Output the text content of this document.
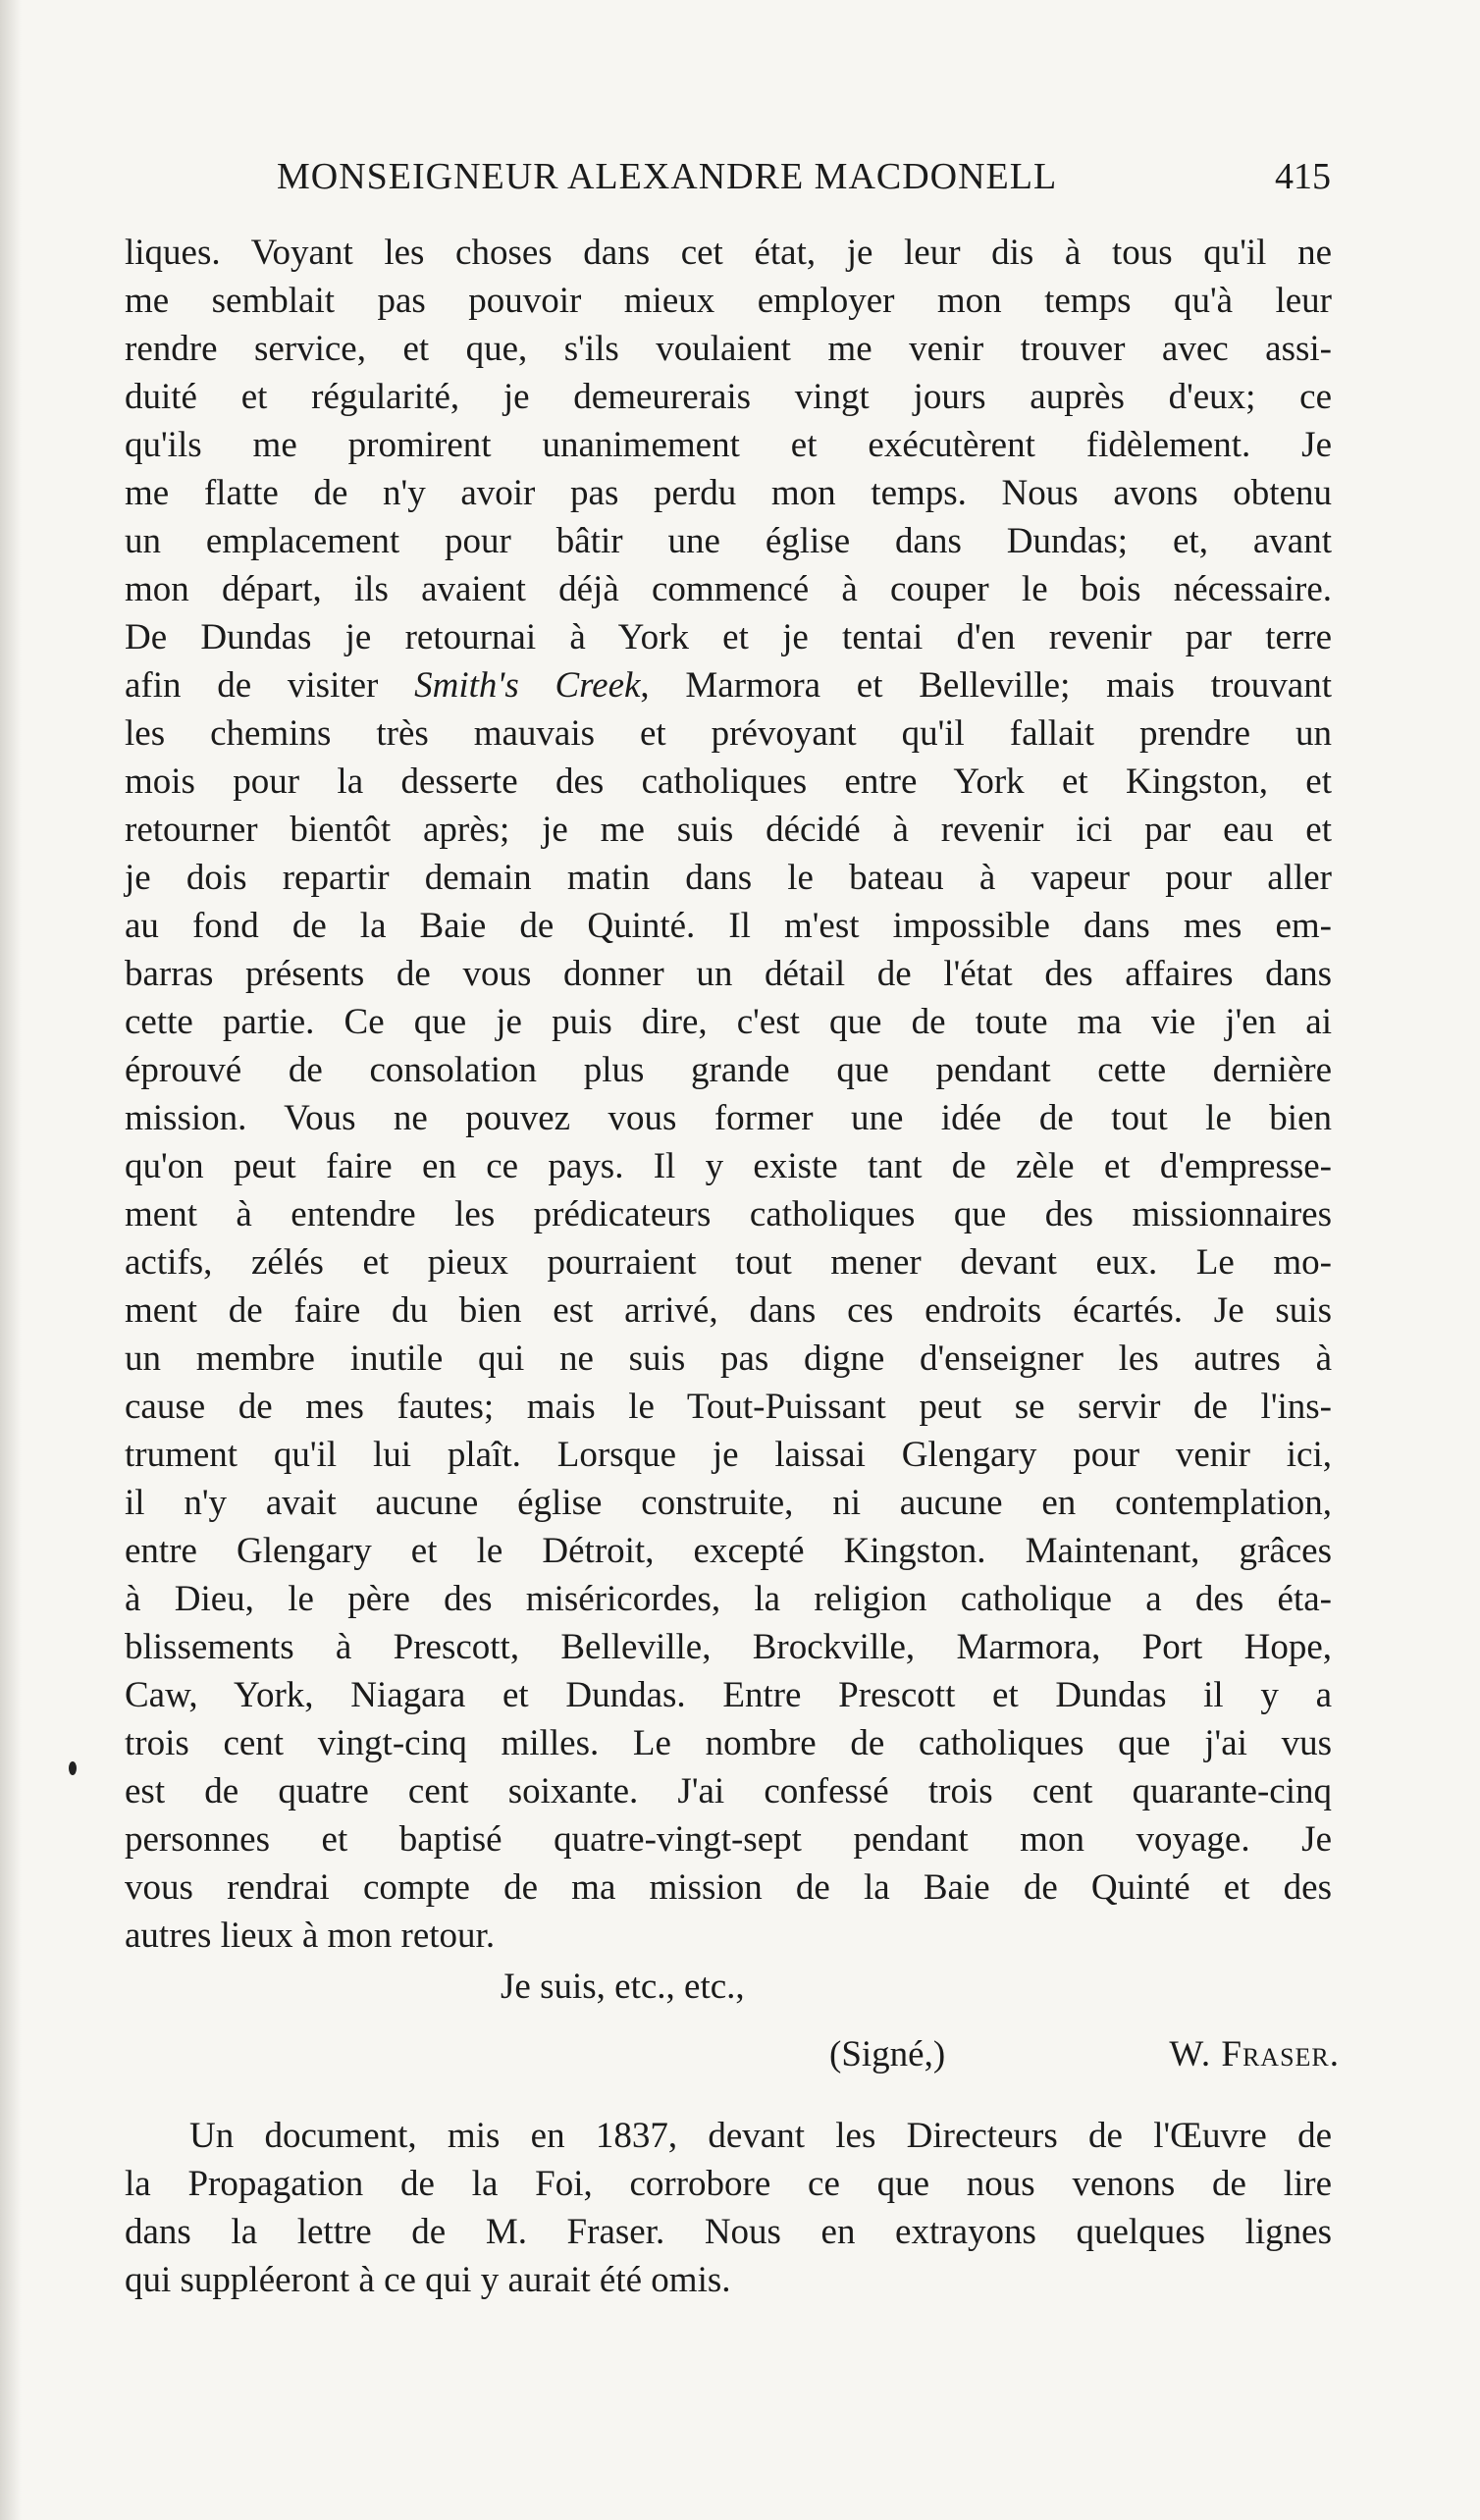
MONSEIGNEUR ALEXANDRE MACDONELL	415
liques. Voyant les choses dans cet état, je leur dis à tous qu'il ne
me semblait pas pouvoir mieux employer mon temps qu'à leur
rendre service, et que, s'ils voulaient me venir trouver avec assi-
duité et régularité, je demeurerais vingt jours auprès d'eux; ce
qu'ils me promirent unanimement et exécutèrent fidèlement. Je
me flatte de n'y avoir pas perdu mon temps. Nous avons obtenu
un emplacement pour bâtir une église dans Dundas; et, avant
mon départ, ils avaient déjà commencé à couper le bois nécessaire.
De Dundas je retournai à York et je tentai d'en revenir par terre
afin de visiter Smith's Creek, Marmora et Belleville; mais trouvant
les chemins très mauvais et prévoyant qu'il fallait prendre un
mois pour la desserte des catholiques entre York et Kingston, et
retourner bientôt après; je me suis décidé à revenir ici par eau et
je dois repartir demain matin dans le bateau à vapeur pour aller
au fond de la Baie de Quinté. Il m'est impossible dans mes em-
barras présents de vous donner un détail de l'état des affaires dans
cette partie. Ce que je puis dire, c'est que de toute ma vie j'en ai
éprouvé de consolation plus grande que pendant cette dernière
mission. Vous ne pouvez vous former une idée de tout le bien
qu'on peut faire en ce pays. Il y existe tant de zèle et d'empresse-
ment à entendre les prédicateurs catholiques que des missionnaires
actifs, zélés et pieux pourraient tout mener devant eux. Le mo-
ment de faire du bien est arrivé, dans ces endroits écartés. Je suis
un membre inutile qui ne suis pas digne d'enseigner les autres à
cause de mes fautes; mais le Tout-Puissant peut se servir de l'ins-
trument qu'il lui plaît. Lorsque je laissai Glengary pour venir ici,
il n'y avait aucune église construite, ni aucune en contemplation,
entre Glengary et le Détroit, excepté Kingston. Maintenant, grâces
à Dieu, le père des miséricordes, la religion catholique a des éta-
blissements à Prescott, Belleville, Brockville, Marmora, Port Hope,
Caw, York, Niagara et Dundas. Entre Prescott et Dundas il y a
trois cent vingt-cinq milles. Le nombre de catholiques que j'ai vus
est de quatre cent soixante. J'ai confessé trois cent quarante-cinq
personnes et baptisé quatre-vingt-sept pendant mon voyage. Je
vous rendrai compte de ma mission de la Baie de Quinté et des
autres lieux à mon retour.
Je suis, etc., etc.,
(Signé,)	W. Fraser.
Un document, mis en 1837, devant les Directeurs de l'Œuvre de
la Propagation de la Foi, corrobore ce que nous venons de lire
dans la lettre de M. Fraser. Nous en extrayons quelques lignes
qui suppléeront à ce qui y aurait été omis.
